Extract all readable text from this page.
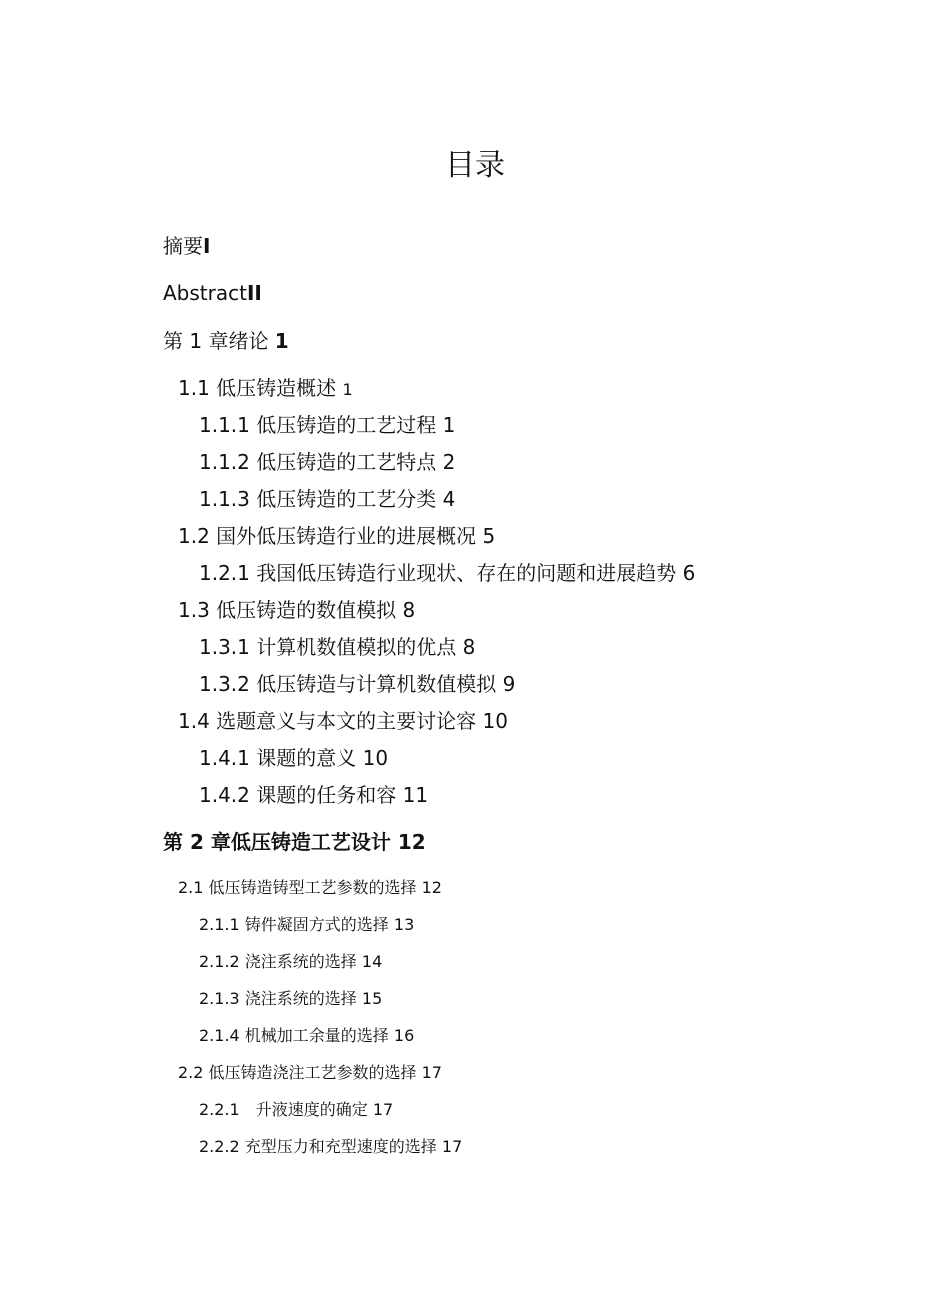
目录
摘要I
AbstractII
第 1 章绪论 1
1.1 低压铸造概述 1
1.1.1 低压铸造的工艺过程 1
1.1.2 低压铸造的工艺特点 2
1.1.3 低压铸造的工艺分类 4
1.2 国外低压铸造行业的进展概况 5
1.2.1 我国低压铸造行业现状、存在的问题和进展趋势 6
1.3 低压铸造的数值模拟 8
1.3.1 计算机数值模拟的优点 8
1.3.2 低压铸造与计算机数值模拟 9
1.4 选题意义与本文的主要讨论容 10
1.4.1 课题的意义 10
1.4.2 课题的任务和容 11
第 2 章低压铸造工艺设计 12
2.1 低压铸造铸型工艺参数的选择 12
2.1.1 铸件凝固方式的选择 13
2.1.2 浇注系统的选择 14
2.1.3 浇注系统的选择 15
2.1.4 机械加工余量的选择 16
2.2 低压铸造浇注工艺参数的选择 17
2.2.1　升液速度的确定 17
2.2.2 充型压力和充型速度的选择 17
